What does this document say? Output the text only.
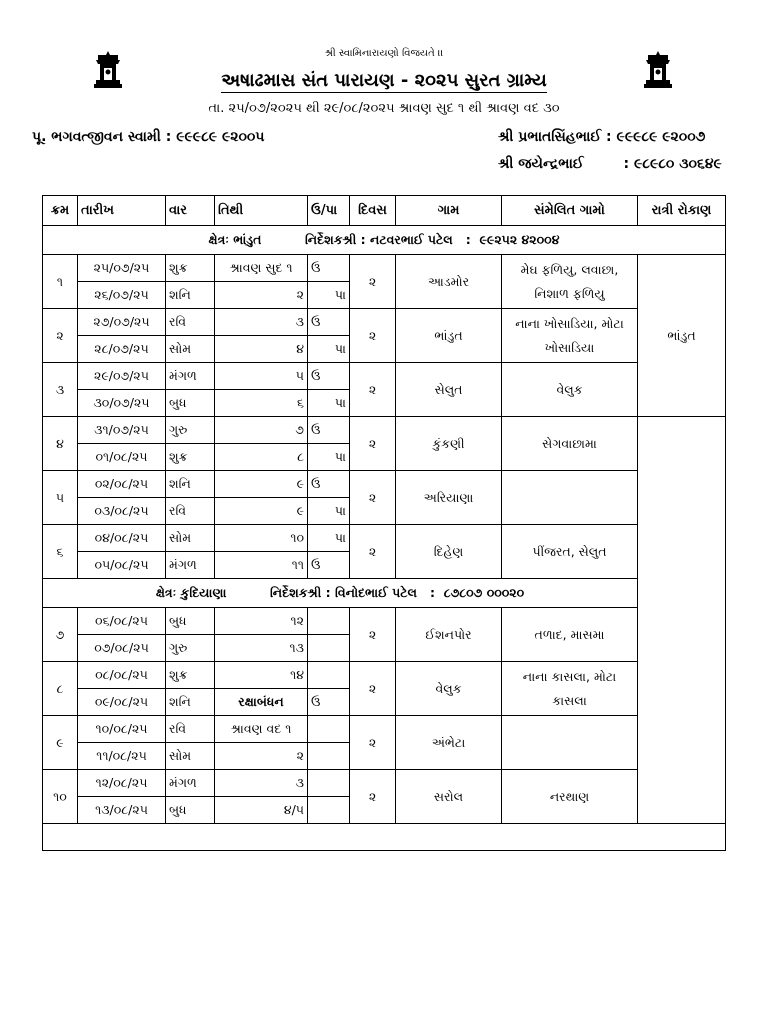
શ્રી સ્વામિનારાયણો વિજયતે ।।
અષાઢમાસ સંત પારાયણ - ૨૦૨૫ સુરત ગ્રામ્ય
તા. ૨૫/૦૭/૨૦૨૫ થી ૨૯/૦૮/૨૦૨૫ શ્રાવણ સુદ ૧ થી શ્રાવણ વદ ૩૦
પૂ. ભગવત્જીવન સ્વામી : ૯૯૯૮૯ ૯૨૦૦૫	શ્રી પ્રભાતસિંહભાઈ : ૯૯૯૮૯ ૯૨૦૦૭
શ્રી જયેન્દ્રભાઈ	: ૯૮૯૮૦ ૩૦૬૪૯
ક્રમ	તારીખ	વાર	તિથી	ઉ/પા	દિવસ	ગામ	સંમેલિત ગામો	રાત્રી રોકાણ	
ક્ષેત્રઃ ભાંડુત          નિર્દેશકશ્રી : નટવરભાઈ પટેલ   :  ૯૯૨૫૨ ૪૨૦૦૪									
૧	૨૫/૦૭/૨૫	શુક્ર	શ્રાવણ સુદ ૧	ઉ	૨	આડમોર	મેઘ ફળિયુ, લવાછા, નિશાળ ફળિયુ	ભાંડુત	
	૨૬/૦૭/૨૫	શનિ	૨	પા					
૨	૨૭/૦૭/૨૫	રવિ	૩	ઉ	૨	ભાંડુત	નાના ખોસાડિયા, મોટા ખોસાડિયા		
	૨૮/૦૭/૨૫	સોમ	૪	પા					
૩	૨૯/૦૭/૨૫	મંગળ	૫	ઉ	૨	સેલુત	વેલુક	
	૩૦/૦૭/૨૫	બુધ	૬	પા					
૪	૩૧/૦૭/૨૫	ગુરુ	૭	ઉ	૨	કુંકણી	સેગવાછામા		
	૦૧/૦૮/૨૫	શુક્ર	૮	પા					
૫	૦૨/૦૮/૨૫	શનિ	૯	ઉ	૨	અરિયાણા			
	૦૩/૦૮/૨૫	રવિ	૯	પા					
૬	૦૪/૦૮/૨૫	સોમ	૧૦	પા	૨	દિહેણ	પીંજરત, સેલુત		
	૦૫/૦૮/૨૫	મંગળ	૧૧	ઉ					
ક્ષેત્રઃ કુદિયાણા          નિર્દેશકશ્રી : વિનોદભાઈ પટેલ   :  ૮૭૮૦૭ ૦૦૦૨૦									
૭	૦૬/૦૮/૨૫	બુધ	૧૨		૨	ઈશનપોર	તળાદ, માસમા		
	૦૭/૦૮/૨૫	ગુરુ	૧૩						
૮	૦૮/૦૮/૨૫	શુક્ર	૧૪		૨	વેલુક	નાના કાસલા, મોટા કાસલા		
	૦૯/૦૮/૨૫	શનિ	રક્ષાબંધન	ઉ					
૯	૧૦/૦૮/૨૫	રવિ	શ્રાવણ વદ ૧		૨	અંભેટા			
	૧૧/૦૮/૨૫	સોમ	૨						
૧૦	૧૨/૦૮/૨૫	મંગળ	૩		૨	સરોલ	નરથાણ		
	૧૩/૦૮/૨૫	બુધ	૪/૫						
